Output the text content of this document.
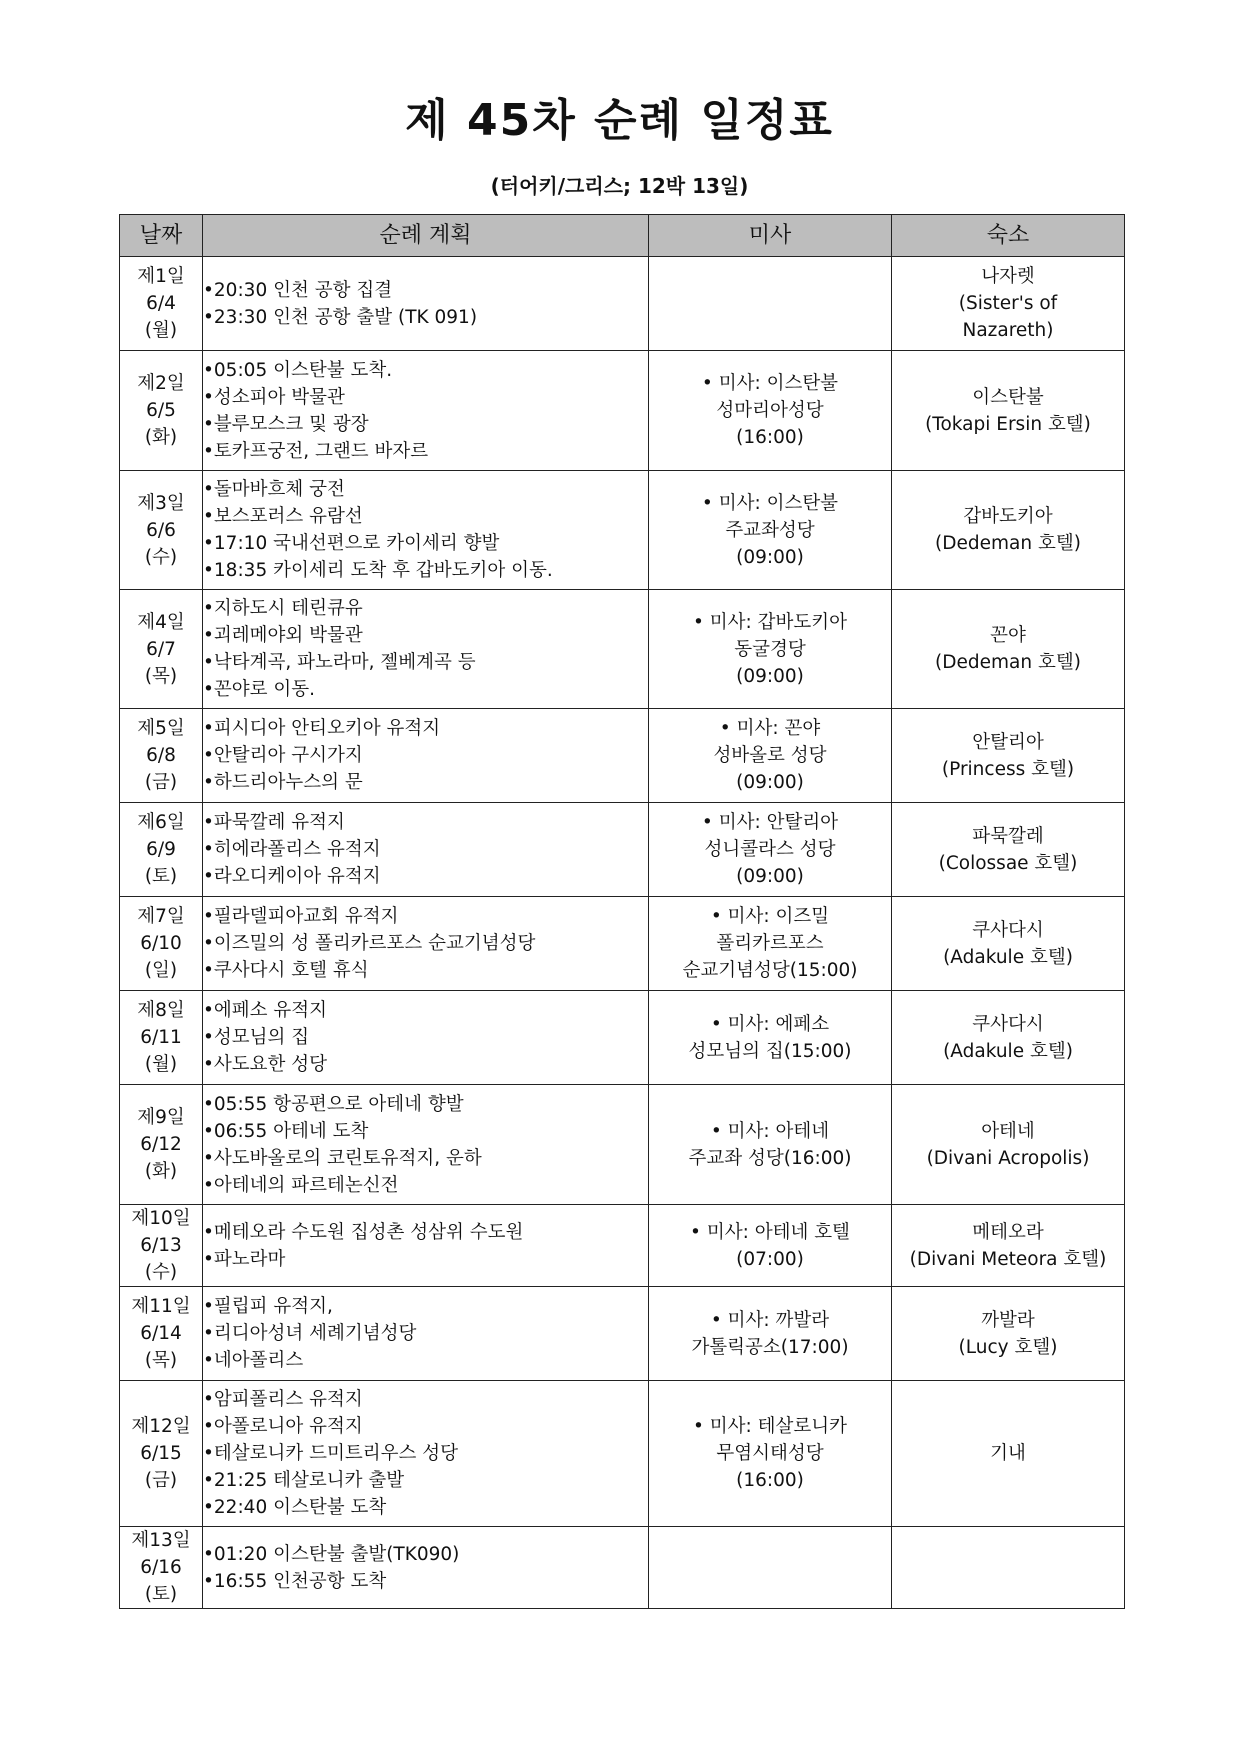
제 45차 순례 일정표
(터어키/그리스; 12박 13일)
날짜	순례 계획	미사	숙소

제1일
6/4
(월)	•20:30 인천 공항 집결
•23:30 인천 공항 출발 (TK 091)		나자렛
(Sister's of
Nazareth)

제2일
6/5
(화)	•05:05 이스탄불 도착.
•성소피아 박물관
•블루모스크 및 광장
•토카프궁전, 그랜드 바자르	• 미사: 이스탄불
성마리아성당
(16:00)	이스탄불
(Tokapi Ersin 호텔)

제3일
6/6
(수)	•돌마바흐체 궁전
•보스포러스 유람선
•17:10 국내선편으로 카이세리 향발
•18:35 카이세리 도착 후 갑바도키아 이동.	• 미사: 이스탄불
주교좌성당
(09:00)	갑바도키아
(Dedeman 호텔)

제4일
6/7
(목)	•지하도시 테린큐유
•괴레메야외 박물관
•낙타계곡, 파노라마, 젤베계곡 등
•꼰야로 이동.	• 미사: 갑바도키아
동굴경당
(09:00)	꼰야
(Dedeman 호텔)

제5일
6/8
(금)	•피시디아 안티오키아 유적지
•안탈리아 구시가지
•하드리아누스의 문	• 미사: 꼰야
성바올로 성당
(09:00)	안탈리아
(Princess 호텔)

제6일
6/9
(토)	•파묵깔레 유적지
•히에라폴리스 유적지
•라오디케이아 유적지	• 미사: 안탈리아
성니콜라스 성당
(09:00)	파묵깔레
(Colossae 호텔)

제7일
6/10
(일)	•필라델피아교회 유적지
•이즈밀의 성 폴리카르포스 순교기념성당
•쿠사다시 호텔 휴식	• 미사: 이즈밀
폴리카르포스
순교기념성당(15:00)	쿠사다시
(Adakule 호텔)

제8일
6/11
(월)	•에페소 유적지
•성모님의 집
•사도요한 성당	• 미사: 에페소
성모님의 집(15:00)	쿠사다시
(Adakule 호텔)

제9일
6/12
(화)	•05:55 항공편으로 아테네 향발
•06:55 아테네 도착
•사도바올로의 코린토유적지, 운하
•아테네의 파르테논신전	• 미사: 아테네
주교좌 성당(16:00)	아테네
(Divani Acropolis)

제10일
6/13
(수)	•메테오라 수도원 집성촌 성삼위 수도원
•파노라마	• 미사: 아테네 호텔
(07:00)	메테오라
(Divani Meteora 호텔)

제11일
6/14
(목)	•필립피 유적지,
•리디아성녀 세례기념성당
•네아폴리스	• 미사: 까발라
가톨릭공소(17:00)	까발라
(Lucy 호텔)

제12일
6/15
(금)	•암피폴리스 유적지
•아폴로니아 유적지
•테살로니카 드미트리우스 성당
•21:25 테살로니카 출발
•22:40 이스탄불 도착	• 미사: 테살로니카
무염시태성당
(16:00)	기내

제13일
6/16
(토)	•01:20 이스탄불 출발(TK090)
•16:55 인천공항 도착		
